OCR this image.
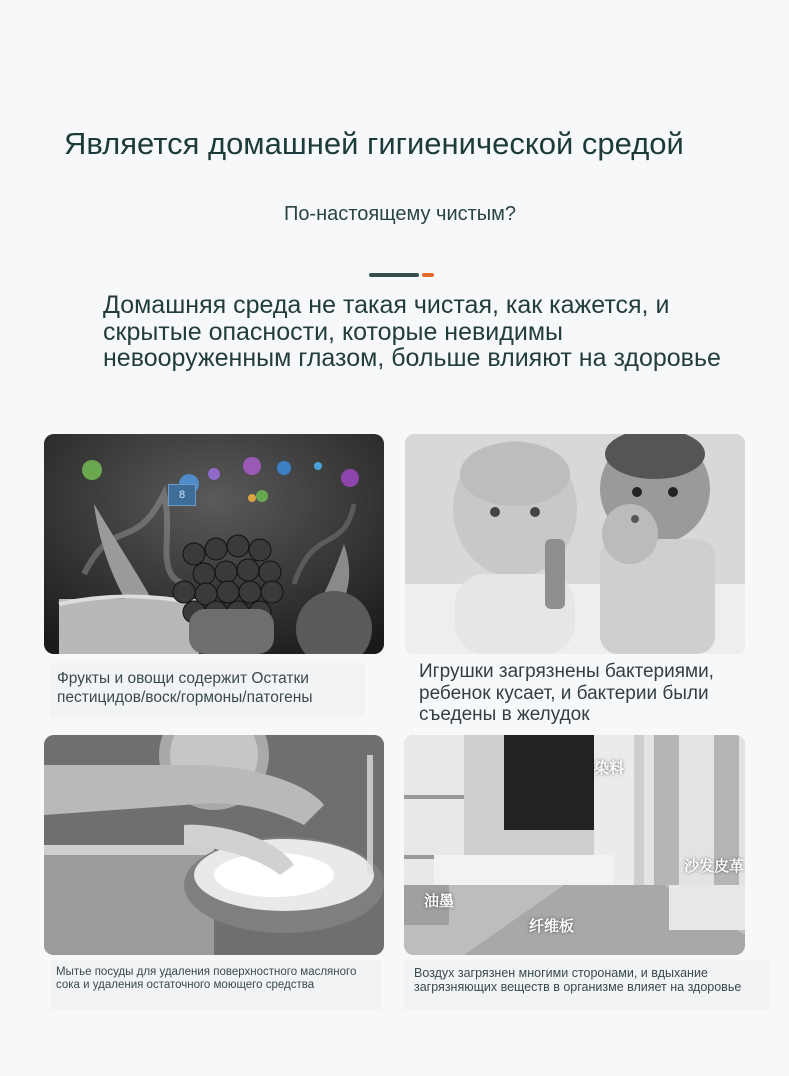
Является домашней гигиенической средой
По-настоящему чистым?
Домашняя среда не такая чистая, как кажется, и скрытые опасности, которые невидимы невооруженным глазом, больше влияют на здоровье
8
Фрукты и овощи содержит Остатки пестицидов/воск/гормоны/патогены
Игрушки загрязнены бактериями, ребенок кусает, и бактерии были съедены в желудок
Мытье посуды для удаления поверхностного масляного сока и удаления остаточного моющего средства
染料
油墨
纤维板
沙发皮革
Воздух загрязнен многими сторонами, и вдыхание загрязняющих веществ в организме влияет на здоровье
